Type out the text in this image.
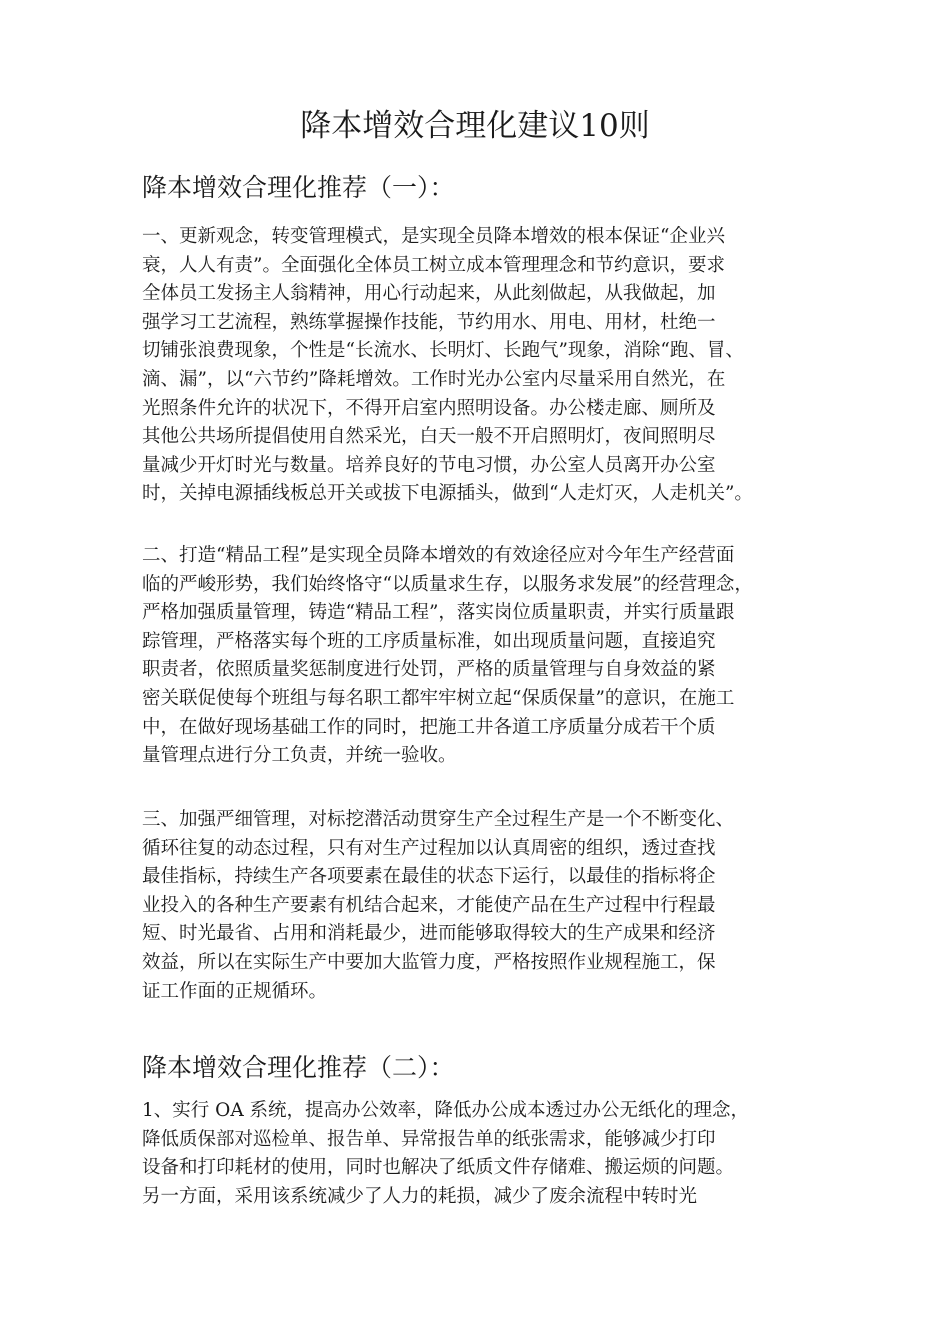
降本增效合理化建议10则
降本增效合理化推荐（一）：
一、更新观念，转变管理模式，是实现全员降本增效的根本保证“企业兴
衰，人人有责”。全面强化全体员工树立成本管理理念和节约意识，要求
全体员工发扬主人翁精神，用心行动起来，从此刻做起，从我做起，加
强学习工艺流程，熟练掌握操作技能，节约用水、用电、用材，杜绝一
切铺张浪费现象，个性是“长流水、长明灯、长跑气”现象，消除“跑、冒、
滴、漏”，以“六节约”降耗增效。工作时光办公室内尽量采用自然光，在
光照条件允许的状况下，不得开启室内照明设备。办公楼走廊、厕所及
其他公共场所提倡使用自然采光，白天一般不开启照明灯，夜间照明尽
量减少开灯时光与数量。培养良好的节电习惯，办公室人员离开办公室
时，关掉电源插线板总开关或拔下电源插头，做到“人走灯灭，人走机关”。
二、打造“精品工程”是实现全员降本增效的有效途径应对今年生产经营面
临的严峻形势，我们始终恪守“以质量求生存，以服务求发展”的经营理念，
严格加强质量管理，铸造“精品工程”，落实岗位质量职责，并实行质量跟
踪管理，严格落实每个班的工序质量标准，如出现质量问题，直接追究
职责者，依照质量奖惩制度进行处罚，严格的质量管理与自身效益的紧
密关联促使每个班组与每名职工都牢牢树立起“保质保量”的意识，在施工
中，在做好现场基础工作的同时，把施工井各道工序质量分成若干个质
量管理点进行分工负责，并统一验收。
三、加强严细管理，对标挖潜活动贯穿生产全过程生产是一个不断变化、
循环往复的动态过程，只有对生产过程加以认真周密的组织，透过查找
最佳指标，持续生产各项要素在最佳的状态下运行，以最佳的指标将企
业投入的各种生产要素有机结合起来，才能使产品在生产过程中行程最
短、时光最省、占用和消耗最少，进而能够取得较大的生产成果和经济
效益，所以在实际生产中要加大监管力度，严格按照作业规程施工，保
证工作面的正规循环。
降本增效合理化推荐（二）：
1、实行 OA 系统，提高办公效率，降低办公成本透过办公无纸化的理念，
降低质保部对巡检单、报告单、异常报告单的纸张需求，能够减少打印
设备和打印耗材的使用，同时也解决了纸质文件存储难、搬运烦的问题。
另一方面，采用该系统减少了人力的耗损，减少了废余流程中转时光
